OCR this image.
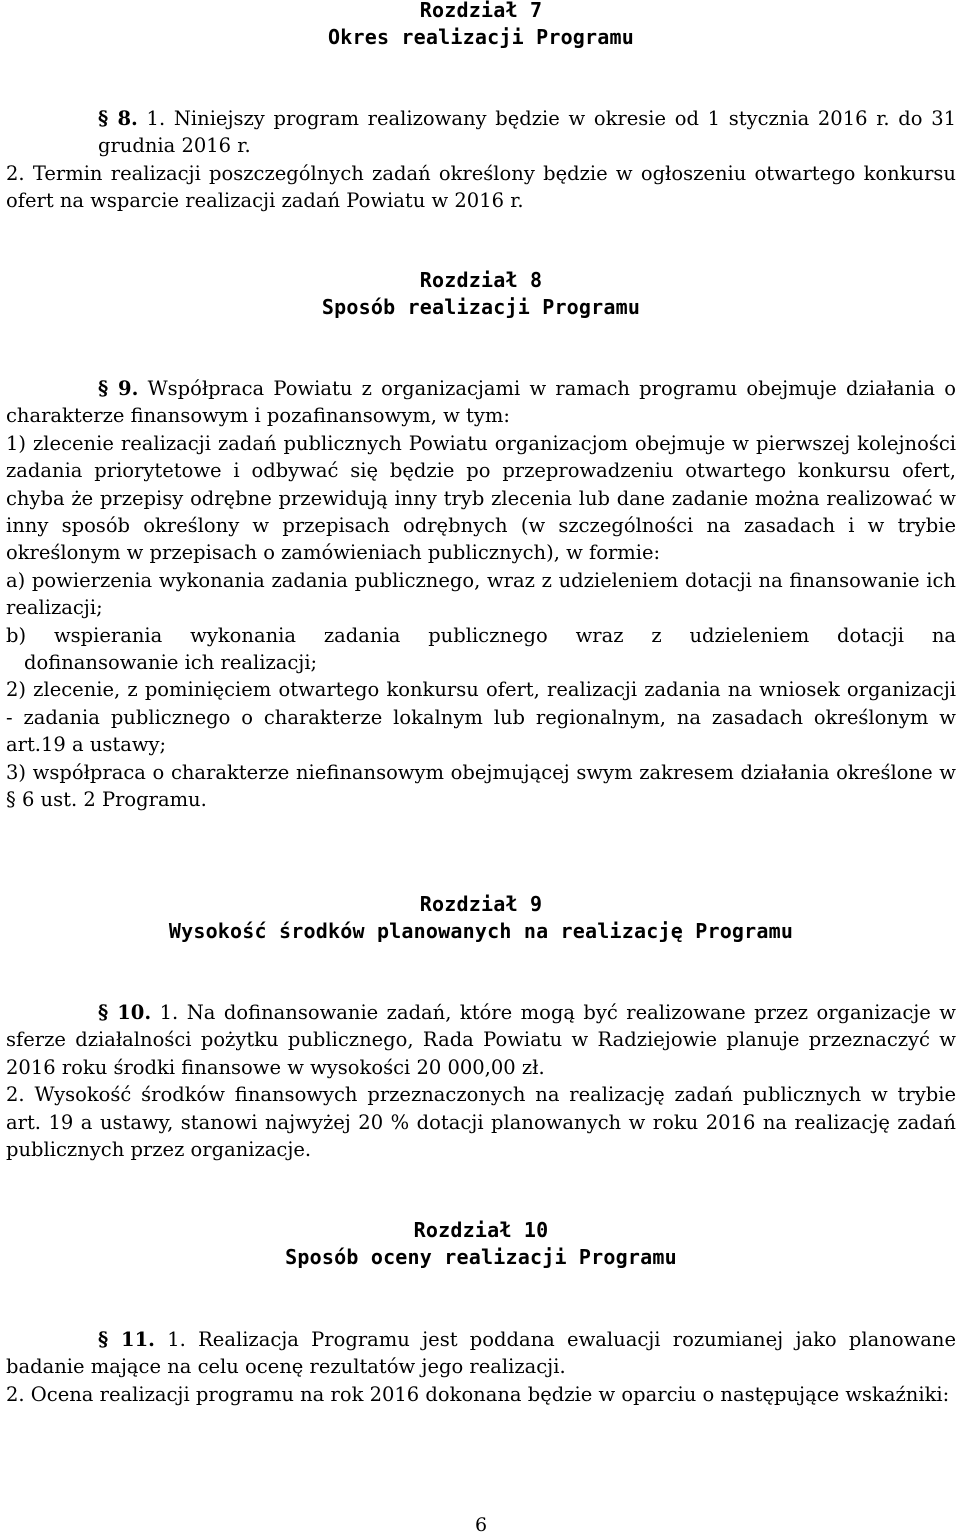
Rozdział 7
Okres realizacji Programu

§ 8. 1. Niniejszy program realizowany będzie w okresie od 1 stycznia 2016 r. do 31 grudnia 2016 r.

2. Termin realizacji poszczególnych zadań określony będzie w ogłoszeniu otwartego konkursu ofert na wsparcie realizacji zadań Powiatu w 2016 r.

Rozdział 8
Sposób realizacji Programu

§ 9. Współpraca Powiatu z organizacjami w ramach programu obejmuje działania o charakterze finansowym i pozafinansowym, w tym:

1) zlecenie realizacji zadań publicznych Powiatu organizacjom obejmuje w pierwszej kolejności zadania priorytetowe i odbywać się będzie po przeprowadzeniu otwartego konkursu ofert, chyba że przepisy odrębne przewidują inny tryb zlecenia lub dane zadanie można realizować w inny sposób określony w przepisach odrębnych (w szczególności na zasadach i w trybie określonym w przepisach o zamówieniach publicznych), w formie:

a) powierzenia wykonania zadania publicznego, wraz z udzieleniem dotacji na finansowanie ich realizacji;

b) wspierania wykonania zadania publicznego wraz z udzieleniem dotacji na

dofinansowanie ich realizacji;

2) zlecenie, z pominięciem otwartego konkursu ofert, realizacji zadania na wniosek organizacji - zadania publicznego o charakterze lokalnym lub regionalnym, na zasadach określonym w art.19 a ustawy;

3) współpraca o charakterze niefinansowym obejmującej swym zakresem działania określone w § 6 ust. 2 Programu.

Rozdział 9
Wysokość środków planowanych na realizację Programu

§ 10. 1. Na dofinansowanie zadań, które mogą być realizowane przez organizacje w sferze działalności pożytku publicznego, Rada Powiatu w Radziejowie planuje przeznaczyć w 2016 roku środki finansowe w wysokości 20 000,00 zł.

2. Wysokość środków finansowych przeznaczonych na realizację zadań publicznych w trybie art. 19 a ustawy, stanowi najwyżej 20 % dotacji planowanych w roku 2016 na realizację zadań publicznych przez organizacje.

Rozdział 10
Sposób oceny realizacji Programu

§ 11. 1. Realizacja Programu jest poddana ewaluacji rozumianej jako planowane badanie mające na celu ocenę rezultatów jego realizacji.

2. Ocena realizacji programu na rok 2016 dokonana będzie w oparciu o następujące wskaźniki:

6
